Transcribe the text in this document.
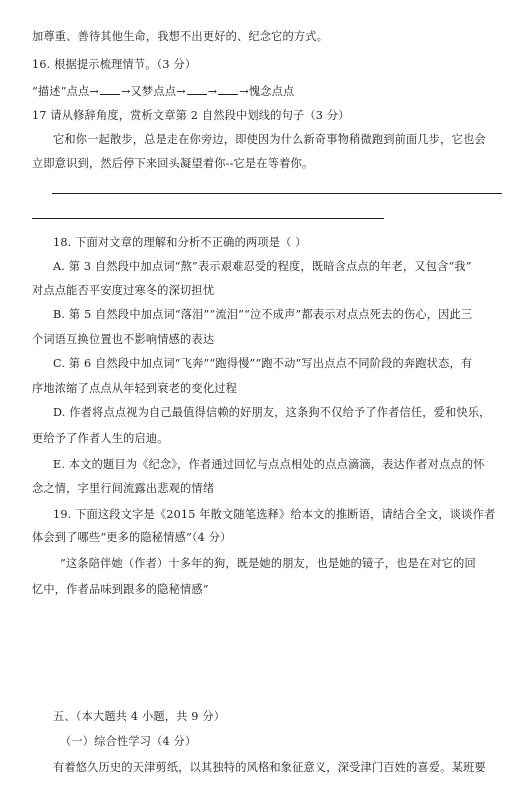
加尊重、善待其他生命，我想不出更好的、纪念它的方式。
16. 根据提示梳理情节。（3 分）
“描述”点点→ →又梦点点→ → →愧念点点
17 请从修辞角度，赏析文章第 2 自然段中划线的句子（3 分）
它和你一起散步，总是走在你旁边，即使因为什么新奇事物稍微跑到前面几步，它也会
立即意识到，然后停下来回头凝望着你--它是在等着你。
18. 下面对文章的理解和分析不正确的两项是（ ）
A. 第 3 自然段中加点词“熬”表示艰难忍受的程度，既暗含点点的年老，又包含“我”
对点点能否平安度过寒冬的深切担忧
B. 第 5 自然段中加点词“落泪”“流泪”“泣不成声”都表示对点点死去的伤心，因此三
个词语互换位置也不影响情感的表达
C. 第 6 自然段中加点词“飞奔”“跑得慢”“跑不动”写出点点不同阶段的奔跑状态，有
序地浓缩了点点从年轻到衰老的变化过程
D. 作者将点点视为自己最值得信赖的好朋友，这条狗不仅给予了作者信任，爱和快乐，
更给予了作者人生的启迪。
E. 本文的题目为《纪念》，作者通过回忆与点点相处的点点滴滴，表达作者对点点的怀
念之情，字里行间流露出悲观的情绪
19. 下面这段文字是《2015 年散文随笔选释》给本文的推断语，请结合全文，谈谈作者
体会到了哪些“更多的隐秘情感”（4 分）
“这条陪伴她（作者）十多年的狗，既是她的朋友，也是她的镜子，也是在对它的回
忆中，作者品味到跟多的隐秘情感”
五、（本大题共 4 小题，共 9 分）
（一）综合性学习（4 分）
有着悠久历史的天津剪纸，以其独特的风格和象征意义，深受津门百姓的喜爱。某班要
